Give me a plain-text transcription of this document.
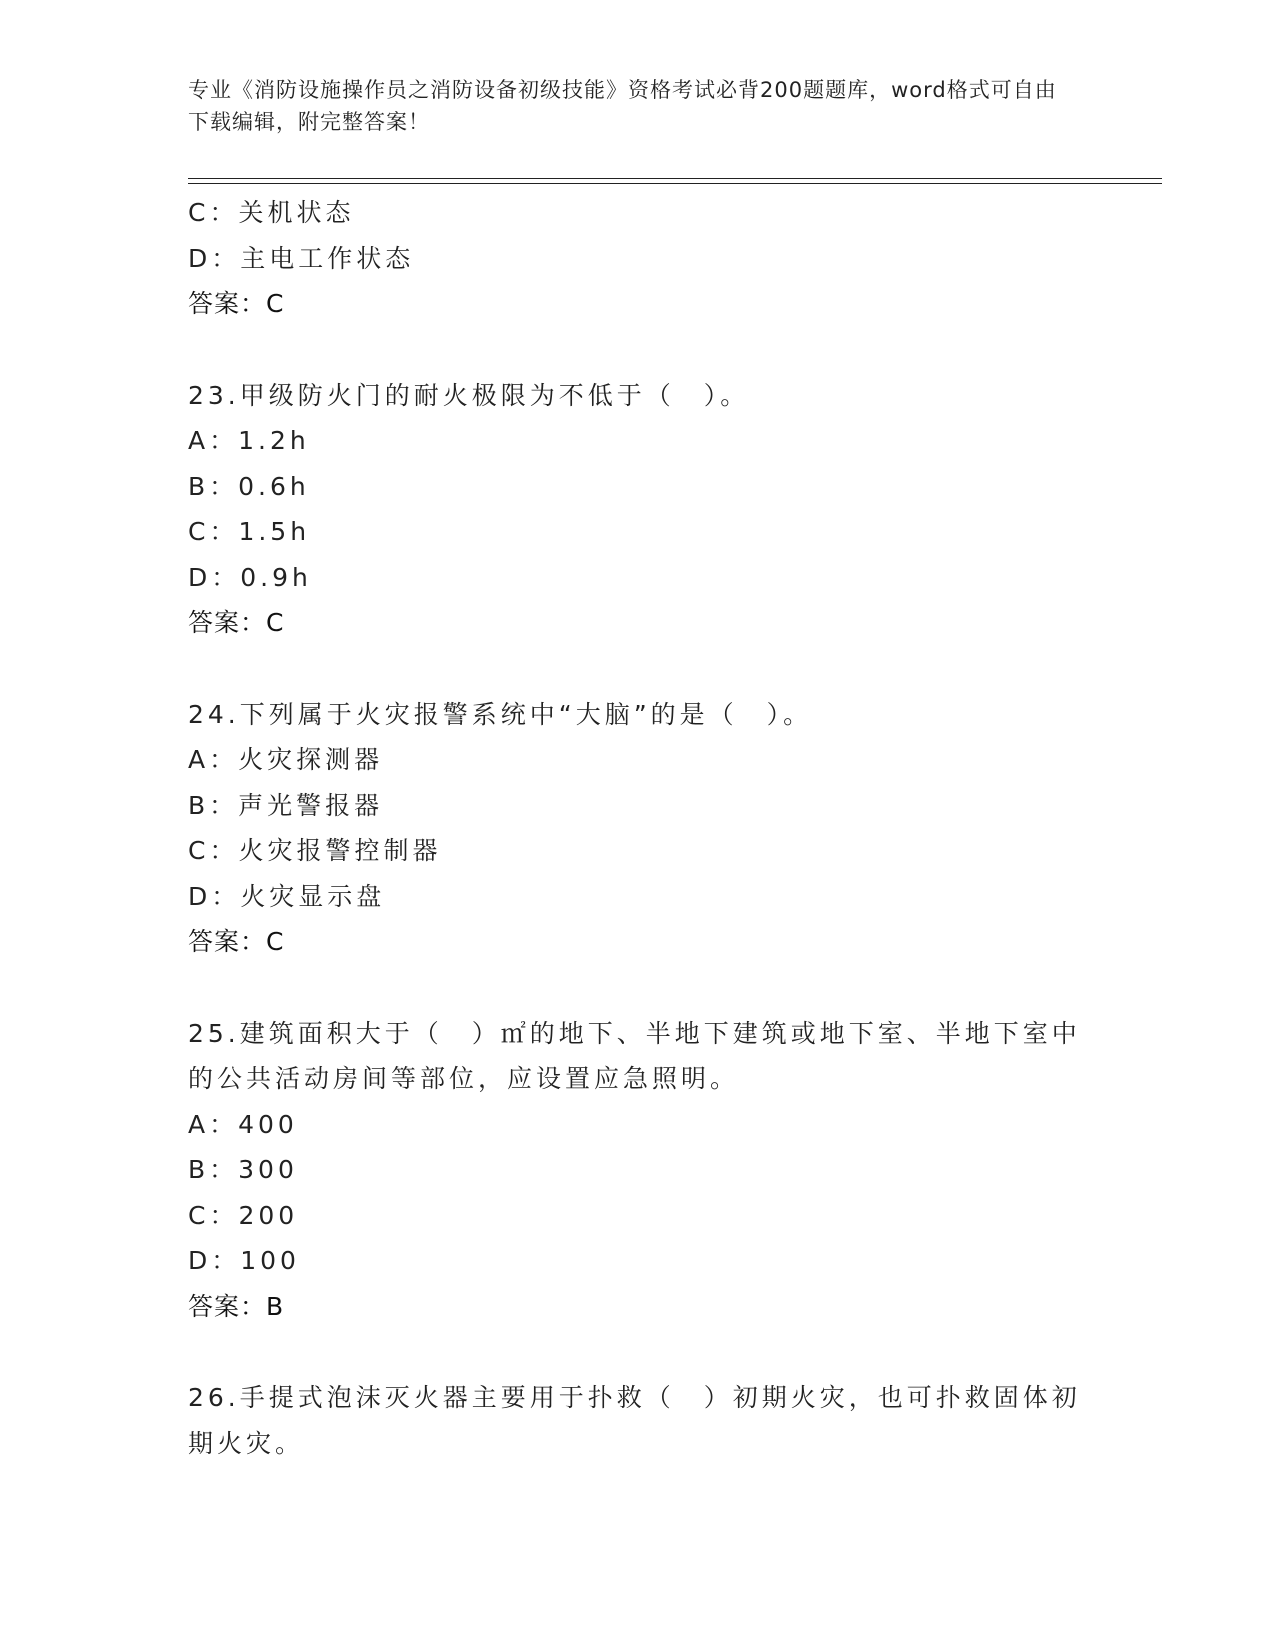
专业《消防设施操作员之消防设备初级技能》资格考试必背200题题库，word格式可自由下载编辑，附完整答案！
C：关机状态
D：主电工作状态
答案：C
23.甲级防火门的耐火极限为不低于（　）。
A：1.2h
B：0.6h
C：1.5h
D：0.9h
答案：C
24.下列属于火灾报警系统中“大脑”的是（　）。
A：火灾探测器
B：声光警报器
C：火灾报警控制器
D：火灾显示盘
答案：C
25.建筑面积大于（　）㎡的地下、半地下建筑或地下室、半地下室中
的公共活动房间等部位，应设置应急照明。
A：400
B：300
C：200
D：100
答案：B
26.手提式泡沫灭火器主要用于扑救（　）初期火灾，也可扑救固体初
期火灾。
